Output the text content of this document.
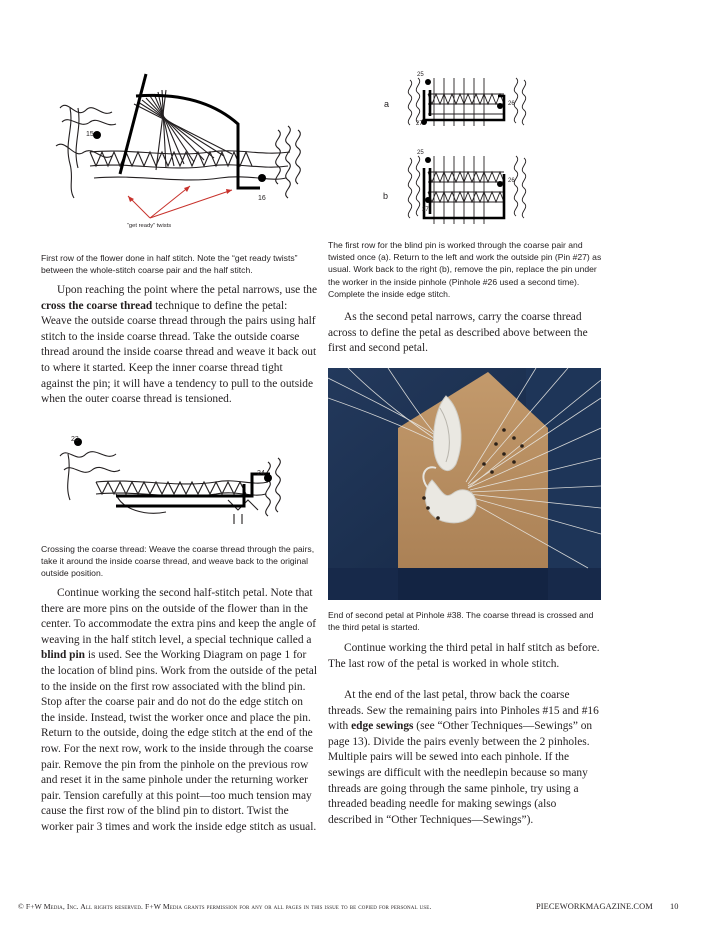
15
16
“get ready” twists

First row of the flower done in half stitch. Note the “get ready twists” between the whole-stitch coarse pair and the half stitch.

Upon reaching the point where the petal narrows, use the cross the coarse thread technique to define the petal: Weave the outside coarse thread through the pairs using half stitch to the inside coarse thread. Take the outside coarse thread around the inside coarse thread and weave it back out to where it started. Keep the inner coarse thread tight against the pin; it will have a tendency to pull to the outside when the outer coarse thread is tensioned.

23
24

Crossing the coarse thread: Weave the coarse thread through the pairs, take it around the inside coarse thread, and weave back to the original outside position.

Continue working the second half-stitch petal. Note that there are more pins on the outside of the flower than in the center. To accommodate the extra pins and keep the angle of weaving in the half stitch level, a special technique called a blind pin is used. See the Working Diagram on page 1 for the location of blind pins. Work from the outside of the petal to the inside on the first row associated with the blind pin. Stop after the coarse pair and do not do the edge stitch on the inside. Instead, twist the worker once and place the pin. Return to the outside, doing the edge stitch at the end of the row. For the next row, work to the inside through the coarse pair. Remove the pin from the pinhole on the previous row and reset it in the same pinhole under the returning worker pair. Tension carefully at this point—too much tension may cause the first row of the blind pin to distort. Twist the worker pair 3 times and work the inside edge stitch as usual.

a
b
25
26
27
25
26
27

The first row for the blind pin is worked through the coarse pair and twisted once (a). Return to the left and work the outside pin (Pin #27) as usual. Work back to the right (b), remove the pin, replace the pin under the worker in the inside pinhole (Pinhole #26 used a second time). Complete the inside edge stitch.

As the second petal narrows, carry the coarse thread across to define the petal as described above between the first and second petal.

End of second petal at Pinhole #38. The coarse thread is crossed and the third petal is started.

Continue working the third petal in half stitch as before. The last row of the petal is worked in whole stitch.

At the end of the last petal, throw back the coarse threads. Sew the remaining pairs into Pinholes #15 and #16 with edge sewings (see “Other Techniques—Sewings” on page 13). Divide the pairs evenly between the 2 pinholes. Multiple pairs will be sewed into each pinhole. If the sewings are difficult with the needlepin because so many threads are going through the same pinhole, try using a threaded beading needle for making sewings (also described in “Other Techniques—Sewings”).

© F+W Media, Inc. All rights reserved. F+W Media grants permission for any or all pages in this issue to be copied for personal use.	PIECEWORKMAGAZINE.COM 10
